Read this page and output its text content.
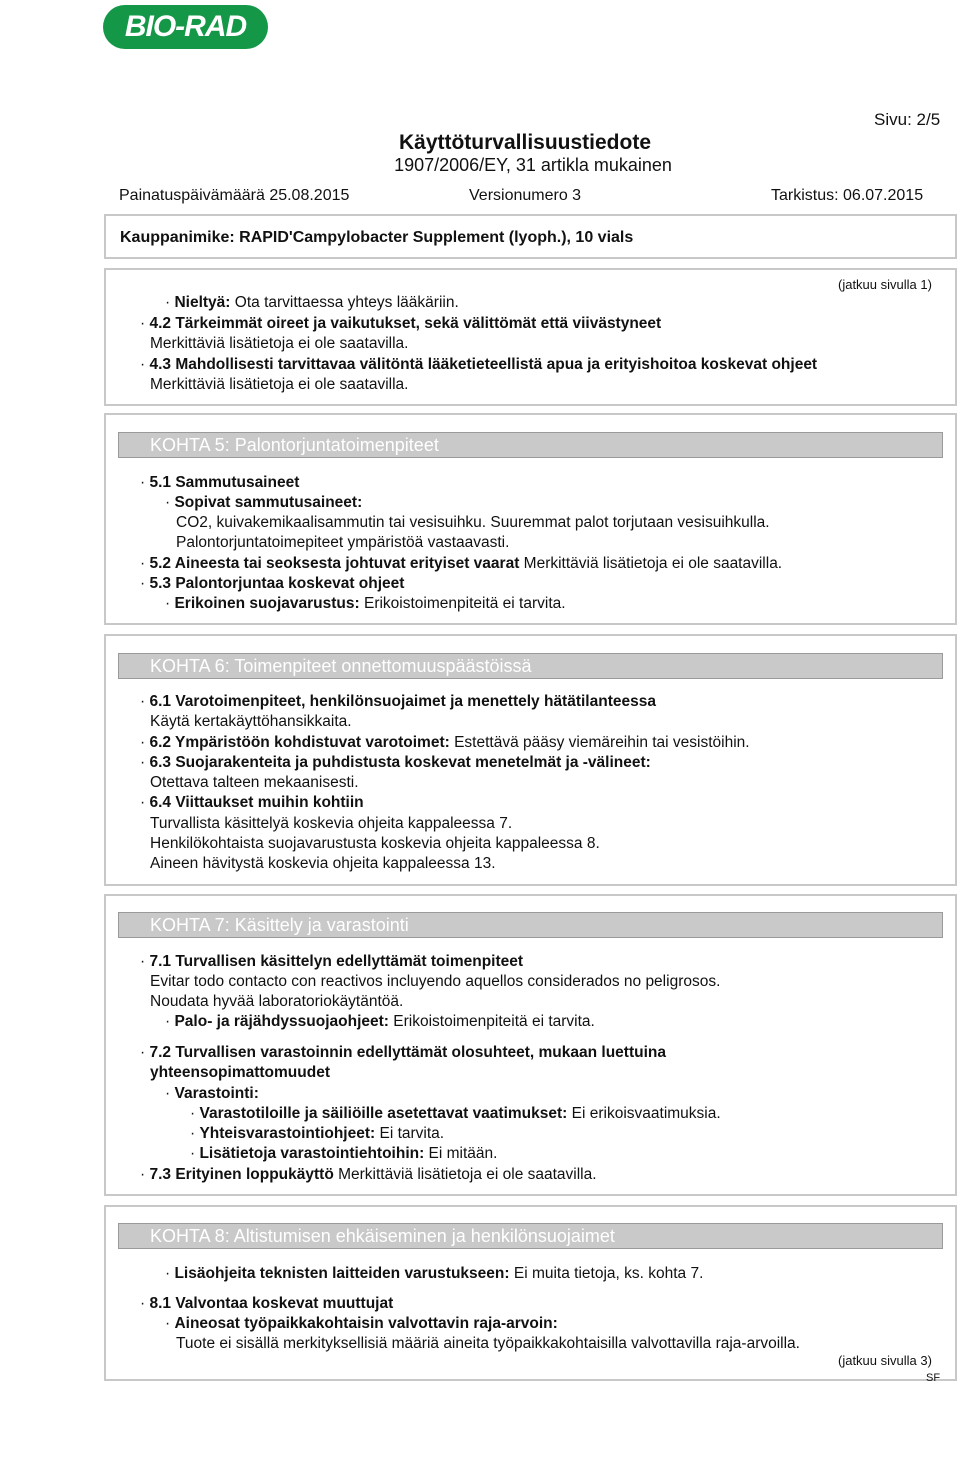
BIO-RAD
Sivu: 2/5
Käyttöturvallisuustiedote
1907/2006/EY, 31 artikla mukainen
Painatuspäivämäärä 25.08.2015	Versionumero 3	Tarkistus: 06.07.2015
Kauppanimike: RAPID'Campylobacter Supplement (lyoph.), 10 vials
(jatkuu sivulla 1)
· Nieltyä: Ota tarvittaessa yhteys lääkäriin.
· 4.2 Tärkeimmät oireet ja vaikutukset, sekä välittömät että viivästyneet
Merkittäviä lisätietoja ei ole saatavilla.
· 4.3 Mahdollisesti tarvittavaa välitöntä lääketieteellistä apua ja erityishoitoa koskevat ohjeet
Merkittäviä lisätietoja ei ole saatavilla.
KOHTA 5: Palontorjuntatoimenpiteet
· 5.1 Sammutusaineet
· Sopivat sammutusaineet:
CO2, kuivakemikaalisammutin tai vesisuihku. Suuremmat palot torjutaan vesisuihkulla.
Palontorjuntatoimepiteet ympäristöä vastaavasti.
· 5.2 Aineesta tai seoksesta johtuvat erityiset vaarat Merkittäviä lisätietoja ei ole saatavilla.
· 5.3 Palontorjuntaa koskevat ohjeet
· Erikoinen suojavarustus: Erikoistoimenpiteitä ei tarvita.
KOHTA 6: Toimenpiteet onnettomuuspäästöissä
· 6.1 Varotoimenpiteet, henkilönsuojaimet ja menettely hätätilanteessa
Käytä kertakäyttöhansikkaita.
· 6.2 Ympäristöön kohdistuvat varotoimet: Estettävä pääsy viemäreihin tai vesistöihin.
· 6.3 Suojarakenteita ja puhdistusta koskevat menetelmät ja -välineet:
Otettava talteen mekaanisesti.
· 6.4 Viittaukset muihin kohtiin
Turvallista käsittelyä koskevia ohjeita kappaleessa 7.
Henkilökohtaista suojavarustusta koskevia ohjeita kappaleessa 8.
Aineen hävitystä koskevia ohjeita kappaleessa 13.
KOHTA 7: Käsittely ja varastointi
· 7.1 Turvallisen käsittelyn edellyttämät toimenpiteet
Evitar todo contacto con reactivos incluyendo aquellos considerados no peligrosos.
Noudata hyvää laboratoriokäytäntöä.
· Palo- ja räjähdyssuojaohjeet: Erikoistoimenpiteitä ei tarvita.
· 7.2 Turvallisen varastoinnin edellyttämät olosuhteet, mukaan luettuina
yhteensopimattomuudet
· Varastointi:
· Varastotiloille ja säiliöille asetettavat vaatimukset: Ei erikoisvaatimuksia.
· Yhteisvarastointiohjeet: Ei tarvita.
· Lisätietoja varastointiehtoihin: Ei mitään.
· 7.3 Erityinen loppukäyttö Merkittäviä lisätietoja ei ole saatavilla.
KOHTA 8: Altistumisen ehkäiseminen ja henkilönsuojaimet
· Lisäohjeita teknisten laitteiden varustukseen: Ei muita tietoja, ks. kohta 7.
· 8.1 Valvontaa koskevat muuttujat
· Aineosat työpaikkakohtaisin valvottavin raja-arvoin:
Tuote ei sisällä merkityksellisiä määriä aineita työpaikkakohtaisilla valvottavilla raja-arvoilla.
(jatkuu sivulla 3)
SF
